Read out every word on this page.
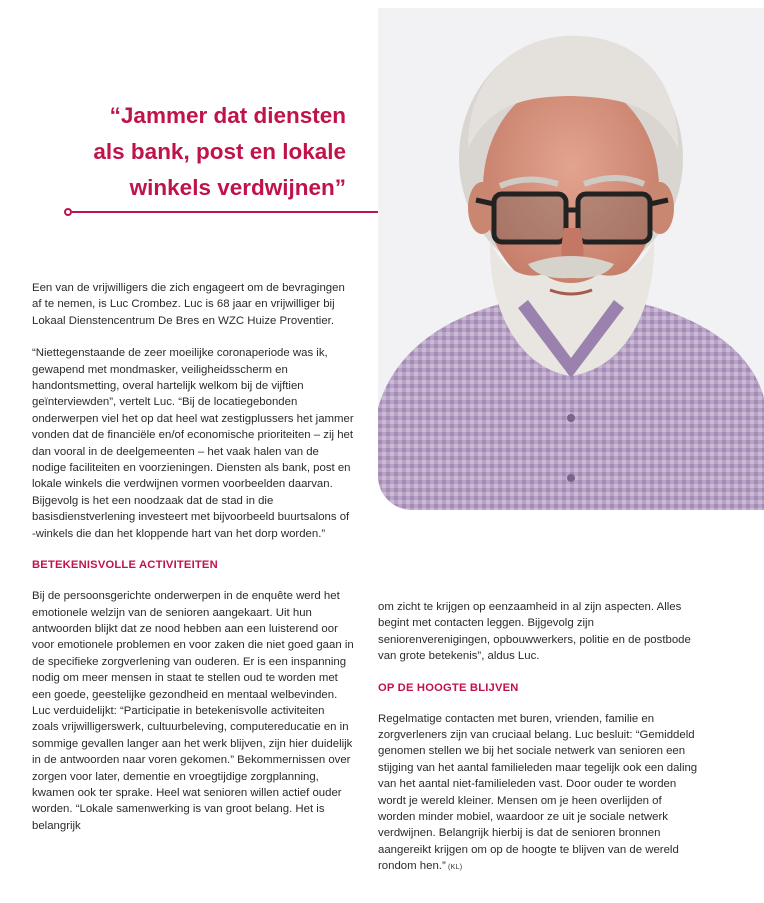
“Jammer dat diensten
als bank, post en lokale
winkels verdwijnen”

Een van de vrijwilligers die zich engageert om de bevragingen af te nemen, is Luc Crombez. Luc is 68 jaar en vrijwilliger bij Lokaal Dienstencentrum De Bres en WZC Huize Proventier.

“Niettegenstaande de zeer moeilijke coronaperiode was ik, gewapend met mondmasker, veiligheidsscherm en handontsmetting, overal hartelijk welkom bij de vijftien geïnterviewden”, vertelt Luc. “Bij de locatiegebonden onderwerpen viel het op dat heel wat zestigplussers het jammer vonden dat de financiële en/of economische prioriteiten – zij het dan vooral in de deelgemeenten – het vaak halen van de nodige faciliteiten en voorzieningen. Diensten als bank, post en lokale winkels die verdwijnen vormen voorbeelden daarvan. Bijgevolg is het een noodzaak dat de stad in die basisdienstverlening investeert met bijvoorbeeld buurtsalons of -winkels die dan het kloppende hart van het dorp worden.”

BETEKENISVOLLE ACTIVITEITEN

Bij de persoonsgerichte onderwerpen in de enquête werd het emotionele welzijn van de senioren aangekaart. Uit hun antwoorden blijkt dat ze nood hebben aan een luisterend oor voor emotionele problemen en voor zaken die niet goed gaan in de specifieke zorgverlening van ouderen. Er is een inspanning nodig om meer mensen in staat te stellen oud te worden met een goede, geestelijke gezondheid en mentaal welbevinden. Luc verduidelijkt: “Participatie in betekenisvolle activiteiten zoals vrijwilligerswerk, cultuurbeleving, computereducatie en in sommige gevallen langer aan het werk blijven, zijn hier duidelijk in de antwoorden naar voren gekomen.” Bekommernissen over zorgen voor later, dementie en vroegtijdige zorgplanning, kwamen ook ter sprake. Heel wat senioren willen actief ouder worden. “Lokale samenwerking is van groot belang. Het is belangrijk

om zicht te krijgen op eenzaamheid in al zijn aspecten. Alles begint met contacten leggen. Bijgevolg zijn seniorenverenigingen, opbouwwerkers, politie en de postbode van grote betekenis”, aldus Luc.

OP DE HOOGTE BLIJVEN

Regelmatige contacten met buren, vrienden, familie en zorgverleners zijn van cruciaal belang. Luc besluit: “Gemiddeld genomen stellen we bij het sociale netwerk van senioren een stijging van het aantal familieleden maar tegelijk ook een daling van het aantal niet-familieleden vast. Door ouder te worden wordt je wereld kleiner. Mensen om je heen overlijden of worden minder mobiel, waardoor ze uit je sociale netwerk verdwijnen. Belangrijk hierbij is dat de senioren bronnen aangereikt krijgen om op de hoogte te blijven van de wereld rondom hen.” (KL)
